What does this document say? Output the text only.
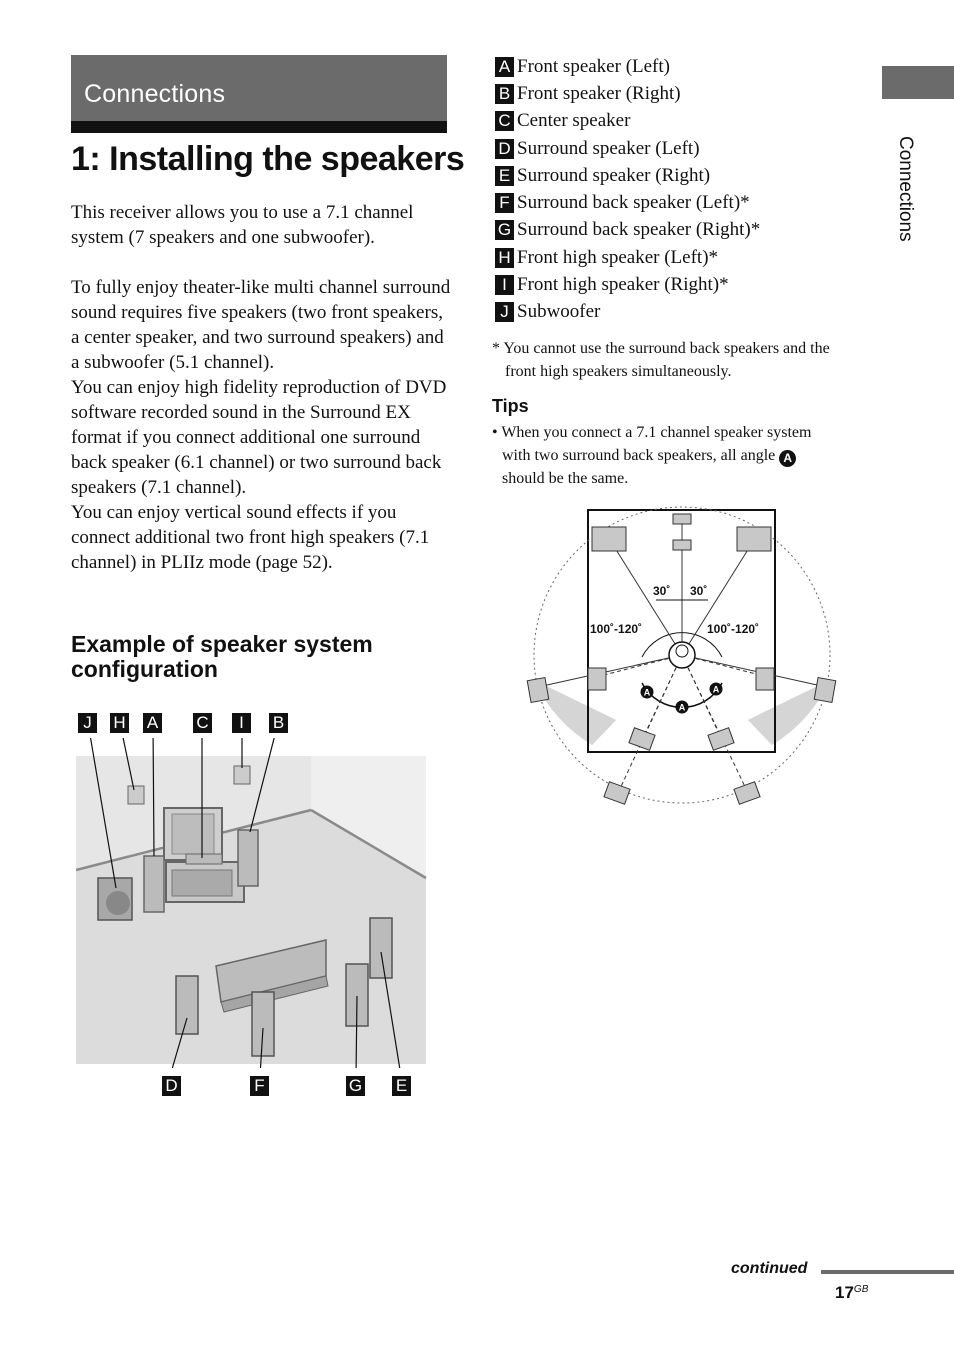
Connections
1: Installing the speakers
This receiver allows you to use a 7.1 channel system (7 speakers and one subwoofer).
To fully enjoy theater-like multi channel surround sound requires five speakers (two front speakers, a center speaker, and two surround speakers) and a subwoofer (5.1 channel).
You can enjoy high fidelity reproduction of DVD software recorded sound in the Surround EX format if you connect additional one surround back speaker (6.1 channel) or two surround back speakers (7.1 channel).
You can enjoy vertical sound effects if you connect additional two front high speakers (7.1 channel) in PLIIz mode (page 52).
Example of speaker system configuration
J	H A C	I	B
D	F	G E
A Front speaker (Left)
B Front speaker (Right)
C Center speaker
D Surround speaker (Left)
E Surround speaker (Right)
F Surround back speaker (Left)*
G Surround back speaker (Right)*
H Front high speaker (Left)*
I Front high speaker (Right)*
J Subwoofer
* You cannot use the surround back speakers and the
front high speakers simultaneously.
Tips
• When you connect a 7.1 channel speaker system
with two surround back speakers, all angle A
should be the same.
A	A
A
30˚ 30˚
100˚-120˚	100˚-120˚
Connections
continued
$17^{GB}$
